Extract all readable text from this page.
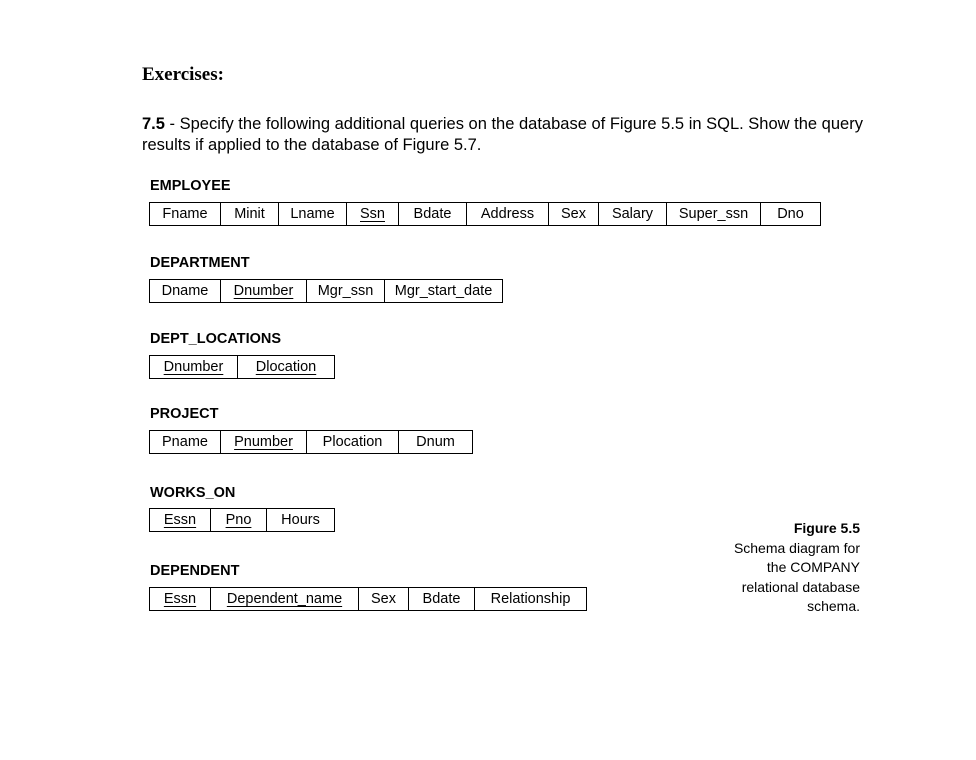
Exercises:

7.5 - Specify the following additional queries on the database of Figure 5.5 in SQL. Show the query results if applied to the database of Figure 5.7.

EMPLOYEE
Fname Minit Lname Ssn Bdate Address Sex Salary Super_ssn Dno
DEPARTMENT
Dname Dnumber Mgr_ssn Mgr_start_date
DEPT_LOCATIONS
Dnumber Dlocation
PROJECT
Pname Pnumber Plocation Dnum
WORKS_ON
Essn Pno Hours
DEPENDENT
Essn Dependent_name Sex Bdate Relationship
Figure 5.5
Schema diagram for
the COMPANY
relational database
schema.
